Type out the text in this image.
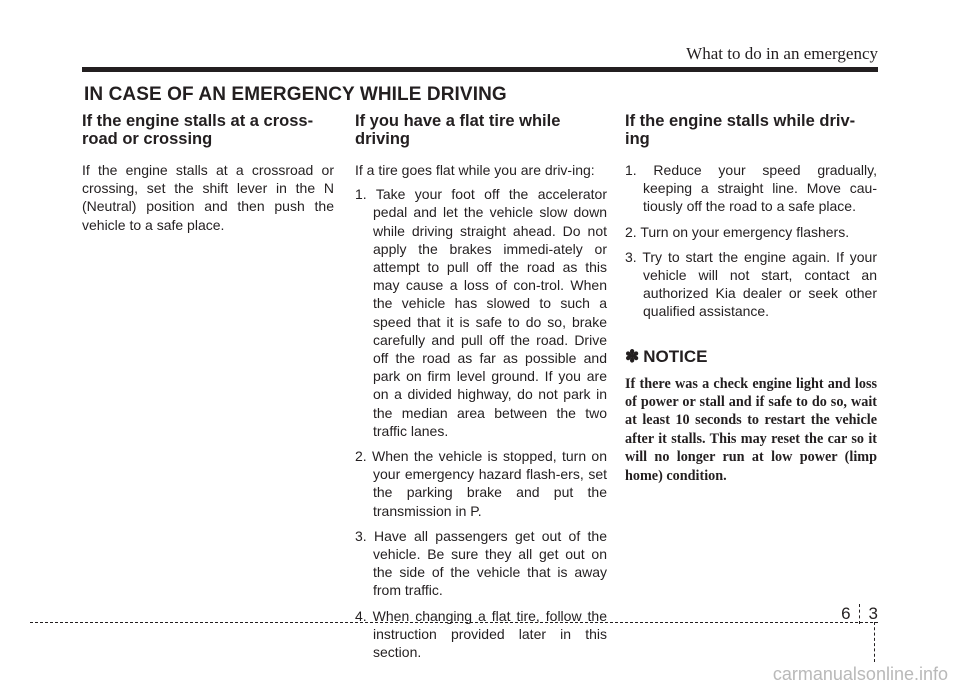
What to do in an emergency
IN CASE OF AN EMERGENCY WHILE DRIVING
If the engine stalls at a cross-road or crossing

If the engine stalls at a crossroad or crossing, set the shift lever in the N (Neutral) position and then push the vehicle to a safe place.

If you have a flat tire while driving

If a tire goes flat while you are driv-ing:

1. Take your foot off the accelerator pedal and let the vehicle slow down while driving straight ahead. Do not apply the brakes immedi-ately or attempt to pull off the road as this may cause a loss of con-trol. When the vehicle has slowed to such a speed that it is safe to do so, brake carefully and pull off the road. Drive off the road as far as possible and park on firm level ground. If you are on a divided highway, do not park in the median area between the two traffic lanes.
2. When the vehicle is stopped, turn on your emergency hazard flash-ers, set the parking brake and put the transmission in P.
3. Have all passengers get out of the vehicle. Be sure they all get out on the side of the vehicle that is away from traffic.
4. When changing a flat tire, follow the instruction provided later in this section.
If the engine stalls while driv-ing
1. Reduce your speed gradually, keeping a straight line. Move cau-tiously off the road to a safe place.
2. Turn on your emergency flashers.
3. Try to start the engine again. If your vehicle will not start, contact an authorized Kia dealer or seek other qualified assistance.
✽ NOTICE

If there was a check engine light and loss of power or stall and if safe to do so, wait at least 10 seconds to restart the vehicle after it stalls. This may reset the car so it will no longer run at low power (limp home) condition.

6 3
carmanualsonline.info
